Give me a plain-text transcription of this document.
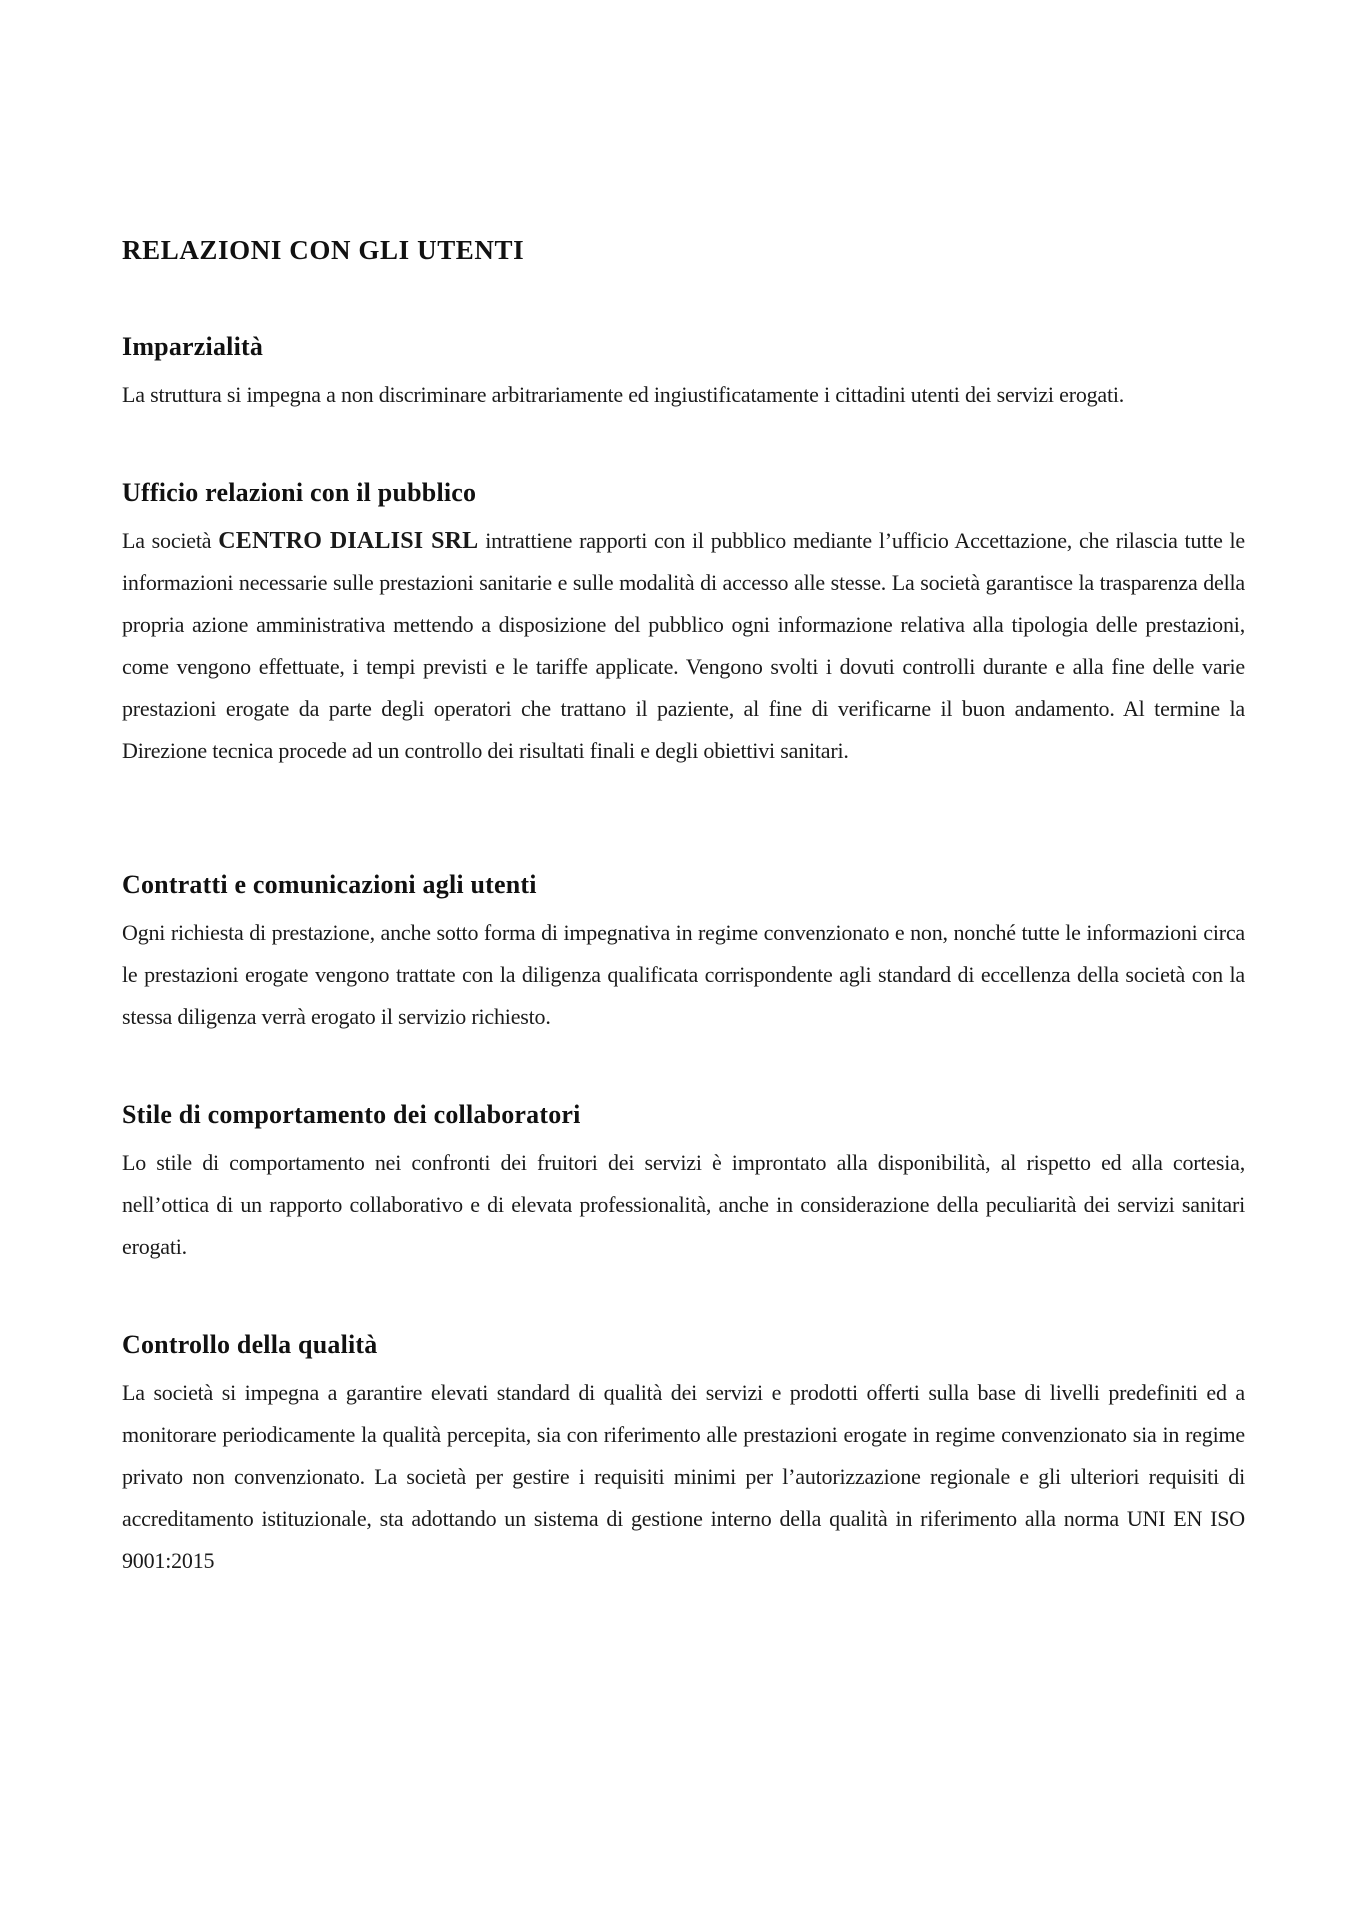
RELAZIONI CON GLI UTENTI
Imparzialità

La struttura si impegna a non discriminare arbitrariamente ed ingiustificatamente i cittadini utenti dei servizi erogati.

Ufficio relazioni con il pubblico

La società CENTRO DIALISI SRL intrattiene rapporti con il pubblico mediante l’ufficio Accettazione, che rilascia tutte le informazioni necessarie sulle prestazioni sanitarie e sulle modalità di accesso alle stesse. La società garantisce la trasparenza della propria azione amministrativa mettendo a disposizione del pubblico ogni informazione relativa alla tipologia delle prestazioni, come vengono effettuate, i tempi previsti e le tariffe applicate. Vengono svolti i dovuti controlli durante e alla fine delle varie prestazioni erogate da parte degli operatori che trattano il paziente, al fine di verificarne il buon andamento. Al termine la Direzione tecnica procede ad un controllo dei risultati finali e degli obiettivi sanitari.

Contratti e comunicazioni agli utenti

Ogni richiesta di prestazione, anche sotto forma di impegnativa in regime convenzionato e non, nonché tutte le informazioni circa le prestazioni erogate vengono trattate con la diligenza qualificata corrispondente agli standard di eccellenza della società con la stessa diligenza verrà erogato il servizio richiesto.

Stile di comportamento dei collaboratori

Lo stile di comportamento nei confronti dei fruitori dei servizi è improntato alla disponibilità, al rispetto ed alla cortesia, nell’ottica di un rapporto collaborativo e di elevata professionalità, anche in considerazione della peculiarità dei servizi sanitari erogati.

Controllo della qualità

La società si impegna a garantire elevati standard di qualità dei servizi e prodotti offerti sulla base di livelli predefiniti ed a monitorare periodicamente la qualità percepita, sia con riferimento alle prestazioni erogate in regime convenzionato sia in regime privato non convenzionato. La società per gestire i requisiti minimi per l’autorizzazione regionale e gli ulteriori requisiti di accreditamento istituzionale, sta adottando un sistema di gestione interno della qualità in riferimento alla norma UNI EN ISO 9001:2015
